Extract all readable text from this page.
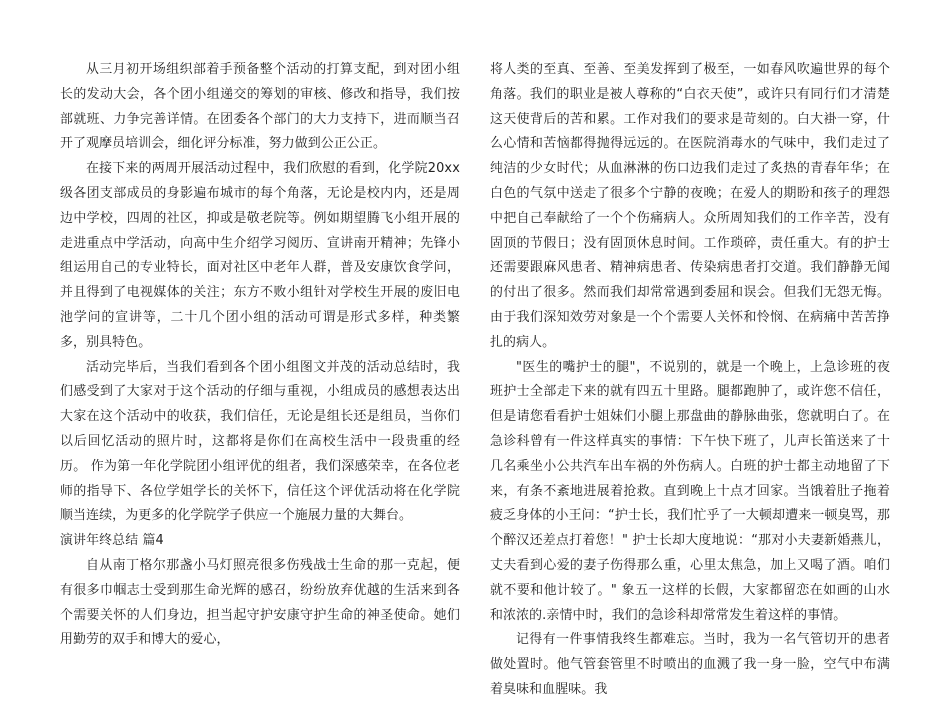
从三月初开场组织部着手预备整个活动的打算支配，到对团小组长的发动大会，各个团小组递交的筹划的审核、修改和指导，我们按部就班、力争完善详情。在团委各个部门的大力支持下，进而顺当召开了观摩员培训会，细化评分标准，努力做到公正公正。

在接下来的两周开展活动过程中，我们欣慰的看到，化学院20xx级各团支部成员的身影遍布城市的每个角落，无论是校内内，还是周边中学校，四周的社区，抑或是敬老院等。例如期望腾飞小组开展的走进重点中学活动，向高中生介绍学习阅历、宣讲南开精神；先锋小组运用自己的专业特长，面对社区中老年人群，普及安康饮食学问，并且得到了电视媒体的关注；东方不败小组针对学校生开展的废旧电池学问的宣讲等，二十几个团小组的活动可谓是形式多样，种类繁多，别具特色。

活动完毕后，当我们看到各个团小组图文并茂的活动总结时，我们感受到了大家对于这个活动的仔细与重视，小组成员的感想表达出大家在这个活动中的收获，我们信任，无论是组长还是组员，当你们以后回忆活动的照片时，这都将是你们在高校生活中一段贵重的经历。 作为第一年化学院团小组评优的组者，我们深感荣幸，在各位老师的指导下、各位学姐学长的关怀下，信任这个评优活动将在化学院顺当连续，为更多的化学院学子供应一个施展力量的大舞台。

演讲年终总结 篇4

自从南丁格尔那盏小马灯照亮很多伤残战士生命的那一克起，便有很多巾帼志士受到那生命光辉的感召，纷纷放弃优越的生活来到各个需要关怀的人们身边，担当起守护安康守护生命的神圣使命。她们用勤劳的双手和博大的爱心，

将人类的至真、至善、至美发挥到了极至，一如春风吹遍世界的每个角落。我们的职业是被人尊称的“白衣天使”，或许只有同行们才清楚这天使背后的苦和累。工作对我们的要求是苛刻的。白大褂一穿，什么心情和苦恼都得抛得远远的。在医院消毒水的气味中，我们走过了纯洁的少女时代；从血淋淋的伤口边我们走过了炙热的青春年华；在白色的气氛中送走了很多个宁静的夜晚；在爱人的期盼和孩子的理怨中把自己奉献给了一个个伤痛病人。众所周知我们的工作辛苦，没有固顶的节假日；没有固顶休息时间。工作琐碎，责任重大。有的护士还需要跟麻风患者、精神病患者、传染病患者打交道。我们静静无闻的付出了很多。然而我们却常常遇到委屈和误会。但我们无怨无悔。由于我们深知效劳对象是一个个需要人关怀和怜悯、在病痛中苦苦挣扎的病人。

"医生的嘴护士的腿"，不说别的，就是一个晚上，上急诊班的夜班护士全部走下来的就有四五十里路。腿都跑肿了，或许您不信任，但是请您看看护士姐妹们小腿上那盘曲的静脉曲张，您就明白了。在急诊科曾有一件这样真实的事情：下午快下班了，儿声长笛送来了十几名乘坐小公共汽车出车祸的外伤病人。白班的护士都主动地留了下来，有条不紊地进展着抢救。直到晚上十点才回家。当饿着肚子拖着疲乏身体的小王问：“护士长，我们忙乎了一大顿却遭来一顿臭骂，那个醉汉还差点打着您！" 护士长却大度地说：“那对小夫妻新婚燕儿，丈夫看到心爱的妻子伤得那么重，心里太焦急，加上又喝了酒。咱们就不要和他计较了。" 象五一这样的长假，大家都留恋在如画的山水和浓浓的.亲情中时，我们的急诊科却常常发生着这样的事情。

记得有一件事情我终生都难忘。当时，我为一名气管切开的患者做处置时。他气管套管里不时喷出的血溅了我一身一脸，空气中布满着臭味和血腥味。我
